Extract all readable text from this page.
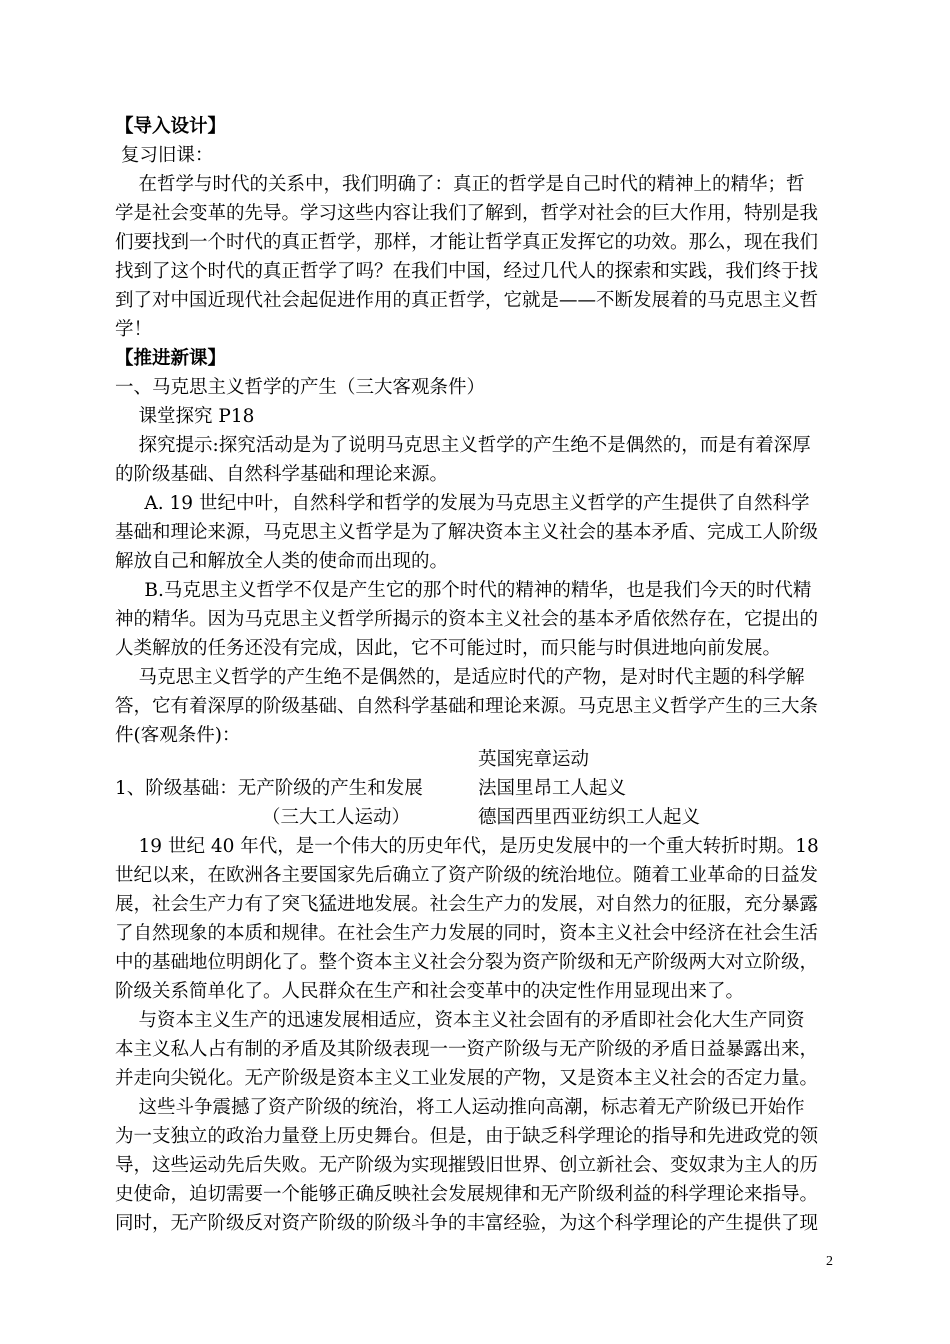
【导入设计】
复习旧课：
在哲学与时代的关系中，我们明确了：真正的哲学是自己时代的精神上的精华；哲
学是社会变革的先导。学习这些内容让我们了解到，哲学对社会的巨大作用，特别是我
们要找到一个时代的真正哲学，那样，才能让哲学真正发挥它的功效。那么，现在我们
找到了这个时代的真正哲学了吗？在我们中国，经过几代人的探索和实践，我们终于找
到了对中国近现代社会起促进作用的真正哲学，它就是——不断发展着的马克思主义哲
学！
【推进新课】
一、马克思主义哲学的产生（三大客观条件）
课堂探究 P18
探究提示:探究活动是为了说明马克思主义哲学的产生绝不是偶然的，而是有着深厚
的阶级基础、自然科学基础和理论来源。
A. 19 世纪中叶，自然科学和哲学的发展为马克思主义哲学的产生提供了自然科学
基础和理论来源，马克思主义哲学是为了解决资本主义社会的基本矛盾、完成工人阶级
解放自己和解放全人类的使命而出现的。
B.马克思主义哲学不仅是产生它的那个时代的精神的精华，也是我们今天的时代精
神的精华。因为马克思主义哲学所揭示的资本主义社会的基本矛盾依然存在，它提出的
人类解放的任务还没有完成，因此，它不可能过时，而只能与时俱进地向前发展。
马克思主义哲学的产生绝不是偶然的，是适应时代的产物，是对时代主题的科学解
答，它有着深厚的阶级基础、自然科学基础和理论来源。马克思主义哲学产生的三大条
件(客观条件)：
英国宪章运动
1、阶级基础：无产阶级的产生和发展	法国里昂工人起义
（三大工人运动）	德国西里西亚纺织工人起义
19 世纪 40 年代，是一个伟大的历史年代，是历史发展中的一个重大转折时期。18
世纪以来，在欧洲各主要国家先后确立了资产阶级的统治地位。随着工业革命的日益发
展，社会生产力有了突飞猛进地发展。社会生产力的发展，对自然力的征服，充分暴露
了自然现象的本质和规律。在社会生产力发展的同时，资本主义社会中经济在社会生活
中的基础地位明朗化了。整个资本主义社会分裂为资产阶级和无产阶级两大对立阶级，
阶级关系简单化了。人民群众在生产和社会变革中的决定性作用显现出来了。
与资本主义生产的迅速发展相适应，资本主义社会固有的矛盾即社会化大生产同资
本主义私人占有制的矛盾及其阶级表现一一资产阶级与无产阶级的矛盾日益暴露出来，
并走向尖锐化。无产阶级是资本主义工业发展的产物，又是资本主义社会的否定力量。
这些斗争震撼了资产阶级的统治，将工人运动推向高潮，标志着无产阶级已开始作
为一支独立的政治力量登上历史舞台。但是，由于缺乏科学理论的指导和先进政党的领
导，这些运动先后失败。无产阶级为实现摧毁旧世界、创立新社会、变奴隶为主人的历
史使命，迫切需要一个能够正确反映社会发展规律和无产阶级利益的科学理论来指导。
同时，无产阶级反对资产阶级的阶级斗争的丰富经验，为这个科学理论的产生提供了现
2
